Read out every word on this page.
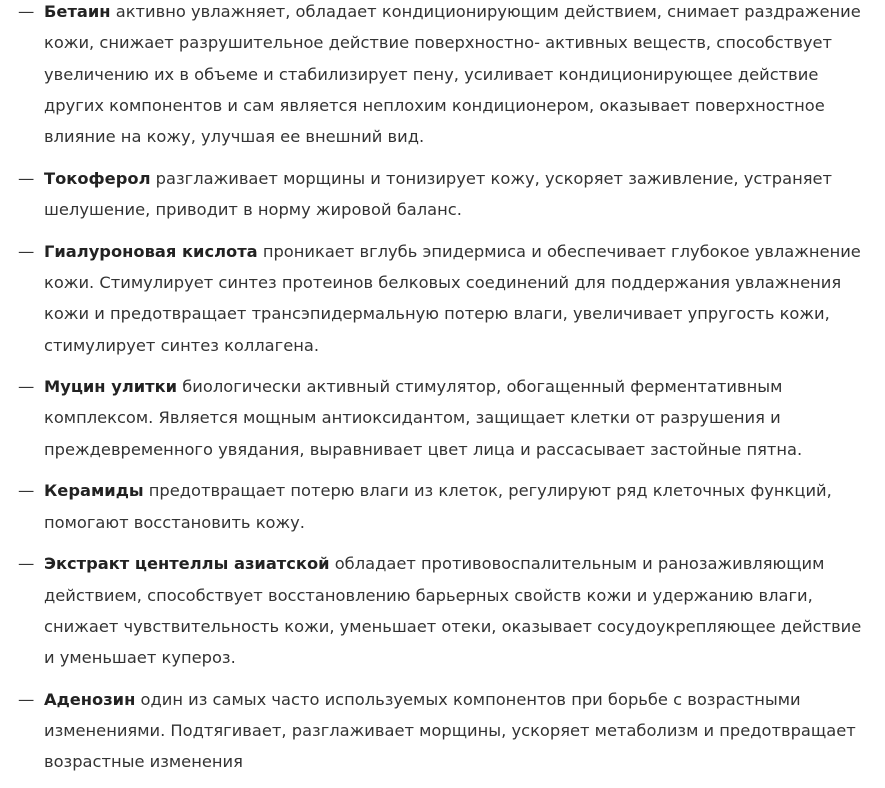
— Бетаин активно увлажняет, обладает кондиционирующим действием, снимает раздражение кожи, снижает разрушительное действие поверхностно- активных веществ, способствует увеличению их в объеме и стабилизирует пену, усиливает кондиционирующее действие других компонентов и сам является неплохим кондиционером, оказывает поверхностное влияние на кожу, улучшая ее внешний вид.
— Токоферол разглаживает морщины и тонизирует кожу, ускоряет заживление, устраняет шелушение, приводит в норму жировой баланс.
— Гиалуроновая кислота проникает вглубь эпидермиса и обеспечивает глубокое увлажнение кожи. Стимулирует синтез протеинов белковых соединений для поддержания увлажнения кожи и предотвращает трансэпидермальную потерю влаги, увеличивает упругость кожи, стимулирует синтез коллагена.
— Муцин улитки биологически активный стимулятор, обогащенный ферментативным комплексом. Является мощным антиоксидантом, защищает клетки от разрушения и преждевременного увядания, выравнивает цвет лица и рассасывает застойные пятна.
— Керамиды предотвращает потерю влаги из клеток, регулируют ряд клеточных функций, помогают восстановить кожу.
— Экстракт центеллы азиатской обладает противовоспалительным и ранозаживляющим действием, способствует восстановлению барьерных свойств кожи и удержанию влаги, снижает чувствительность кожи, уменьшает отеки, оказывает сосудоукрепляющее действие и уменьшает купероз.
— Аденозин один из самых часто используемых компонентов при борьбе с возрастными изменениями. Подтягивает, разглаживает морщины, ускоряет метаболизм и предотвращает возрастные изменения
